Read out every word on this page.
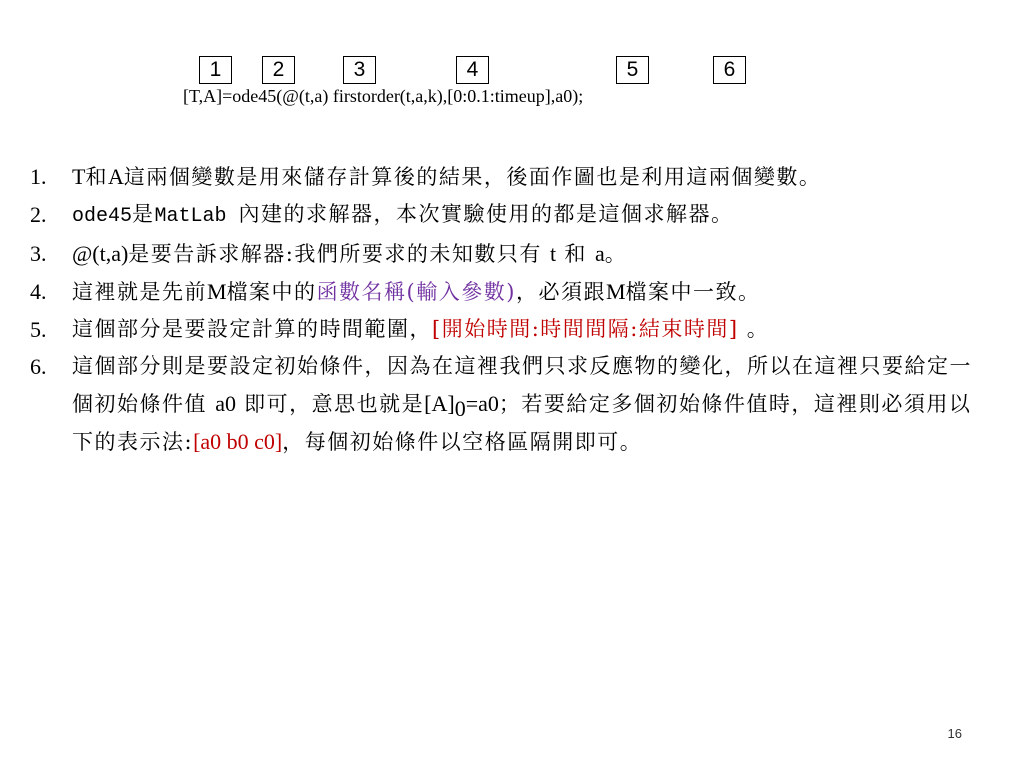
1	2	3	4	5	6
[T,A]=ode45(@(t,a) firstorder(t,a,k),[0:0.1:timeup],a0);
1. T和A這兩個變數是用來儲存計算後的結果，後面作圖也是利用這兩個變數。
2. ode45是MatLab 內建的求解器，本次實驗使用的都是這個求解器。
3. @(t,a)是要告訴求解器:我們所要求的未知數只有 t 和 a。
4. 這裡就是先前M檔案中的函數名稱(輸入參數)，必須跟M檔案中一致。
5. 這個部分是要設定計算的時間範圍，[開始時間:時間間隔:結束時間] 。
6. 這個部分則是要設定初始條件，因為在這裡我們只求反應物的變化，所以在這裡只要給定一個初始條件值 a0 即可，意思也就是$[A]_0=a0$；若要給定多個初始條件值時，這裡則必須用以下的表示法:[a0 b0 c0]，每個初始條件以空格區隔開即可。
16
